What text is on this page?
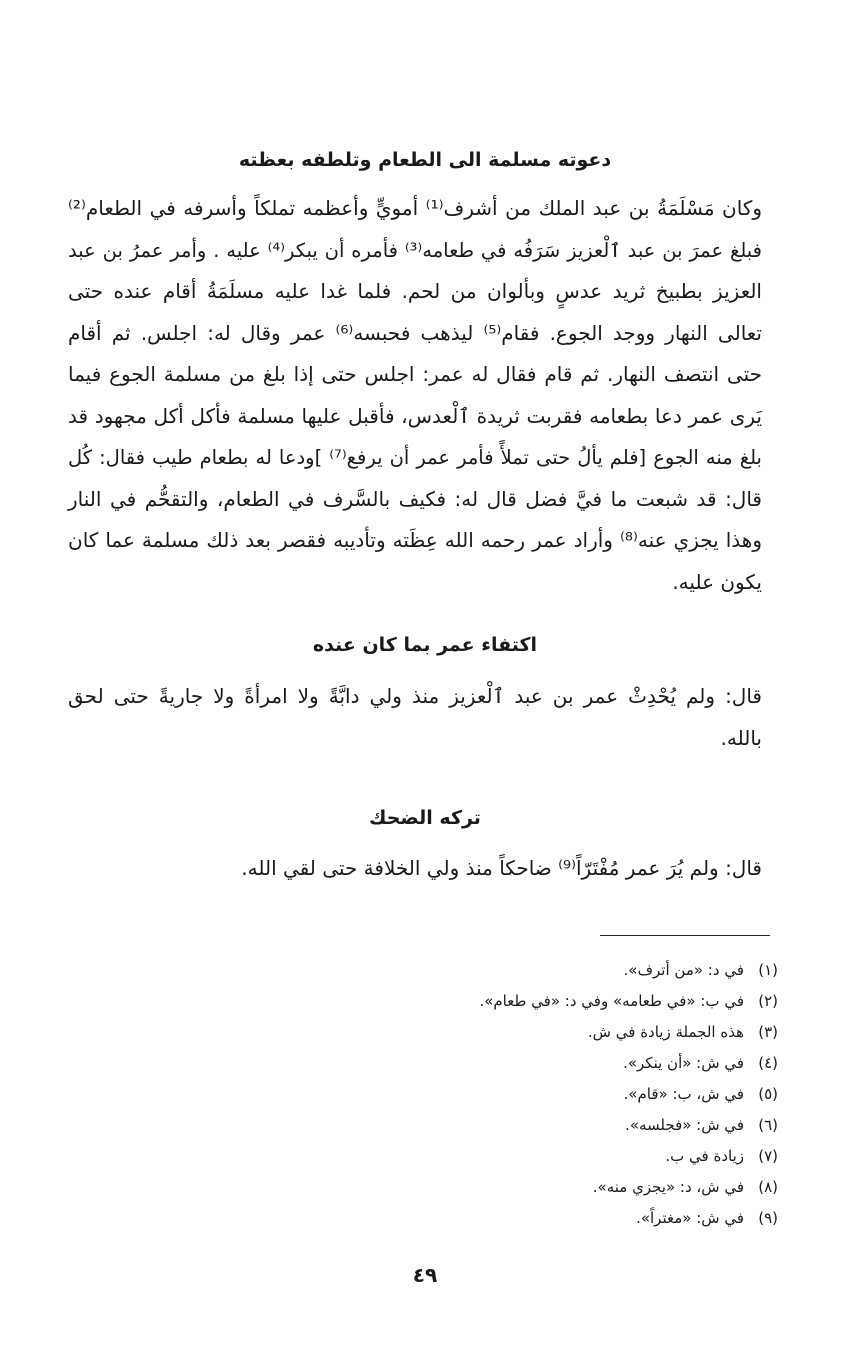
دعوته مسلمة الى الطعام وتلطفه بعظته
وكان مَسْلَمَةُ بن عبد الملك من أشرف⁽¹⁾ أمويٍّ وأعظمه تملكاً وأسرفه في الطعام⁽²⁾
فبلغ عمرَ بن عبد ٱلْعزيز سَرَفُه في طعامه⁽³⁾ فأمره أن يبكر⁽⁴⁾ عليه . وأمر عمرُ بن عبد
العزيز بطبيخ ثريد عدسٍ وبألوان من لحم. فلما غدا عليه مسلَمَةُ أقام عنده حتى
تعالى النهار ووجد الجوع. فقام⁽⁵⁾ ليذهب فحبسه⁽⁶⁾ عمر وقال له: اجلس. ثم أقام
حتى انتصف النهار. ثم قام فقال له عمر: اجلس حتى إذا بلغ من مسلمة الجوع فيما
يَرى عمر دعا بطعامه فقربت ثريدة ٱلْعدس، فأقبل عليها مسلمة فأكل أكل مجهود قد
بلغ منه الجوع [فلم يألُ حتى تملأً فأمر عمر أن يرفع⁽⁷⁾ ]ودعا له بطعام طيب فقال: كُل
قال: قد شبعت ما فيَّ فضل قال له: فكيف بالسَّرف في الطعام، والتقحُّم في النار
وهذا يجزي عنه⁽⁸⁾ وأراد عمر رحمه الله عِظَته وتأديبه فقصر بعد ذلك مسلمة عما كان
يكون عليه.
اكتفاء عمر بما كان عنده
قال: ولم يُحْدِثْ عمر بن عبد ٱلْعزيز منذ ولي دابَّةً ولا امرأةً ولا جاريةً حتى لحق
بالله.
تركه الضحك
قال: ولم يُرَ عمر مُفْتَرّاً⁽⁹⁾ ضاحكاً منذ ولي الخلافة حتى لقي الله.
(١)
في د: «من أترف».
(٢)
في ب: «في طعامه» وفي د: «في طعام».
(٣)
هذه الجملة زيادة في ش.
(٤)
في ش: «أن ينكر».
(٥)
في ش، ب: «قام».
(٦)
في ش: «فجلسه».
(٧)
زيادة في ب.
(٨)
في ش، د: «يجزي منه».
(٩)
في ش: «مغتراً».
٤٩
